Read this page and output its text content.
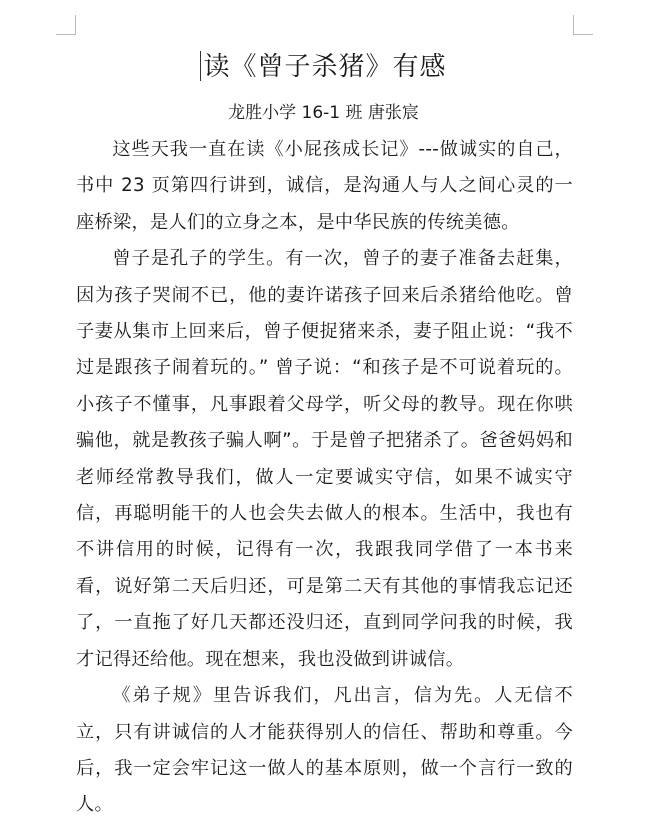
读《曾子杀猪》有感
龙胜小学 16-1 班 唐张宸

这些天我一直在读《小屁孩成长记》---做诚实的自己，书中 23 页第四行讲到，诚信，是沟通人与人之间心灵的一座桥梁，是人们的立身之本，是中华民族的传统美德。

曾子是孔子的学生。有一次，曾子的妻子准备去赶集，因为孩子哭闹不已，他的妻许诺孩子回来后杀猪给他吃。曾子妻从集市上回来后，曾子便捉猪来杀，妻子阻止说：“我不过是跟孩子闹着玩的。” 曾子说：“和孩子是不可说着玩的。小孩子不懂事，凡事跟着父母学，听父母的教导。现在你哄骗他，就是教孩子骗人啊”。于是曾子把猪杀了。爸爸妈妈和老师经常教导我们，做人一定要诚实守信，如果不诚实守信，再聪明能干的人也会失去做人的根本。生活中，我也有不讲信用的时候，记得有一次，我跟我同学借了一本书来看，说好第二天后归还，可是第二天有其他的事情我忘记还了，一直拖了好几天都还没归还，直到同学问我的时候，我才记得还给他。现在想来，我也没做到讲诚信。

《弟子规》里告诉我们，凡出言，信为先。人无信不立，只有讲诚信的人才能获得别人的信任、帮助和尊重。今后，我一定会牢记这一做人的基本原则，做一个言行一致的人。
